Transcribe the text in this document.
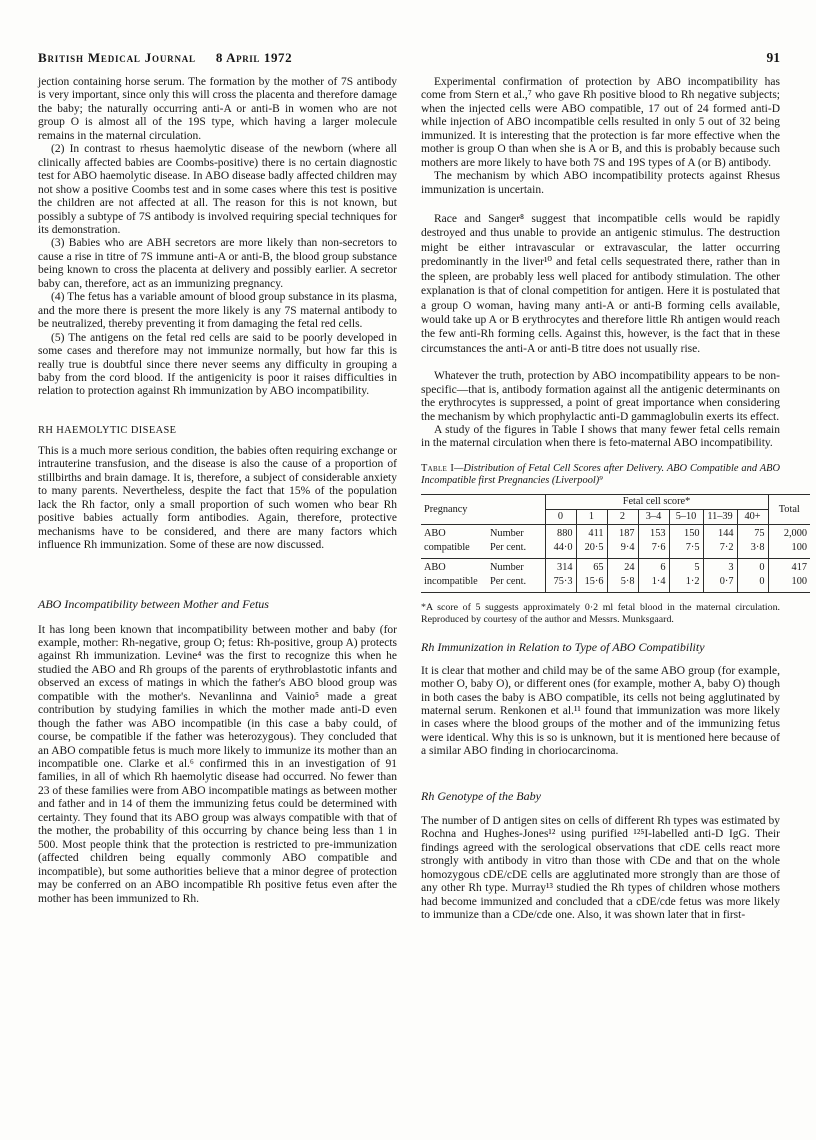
British Medical Journal 8 April 1972	91

jection containing horse serum. The formation by the mother of 7S antibody is very important, since only this will cross the placenta and therefore damage the baby; the naturally occurring anti-A or anti-B in women who are not group O is almost all of the 19S type, which having a larger molecule remains in the maternal circulation.

(2) In contrast to rhesus haemolytic disease of the newborn (where all clinically affected babies are Coombs-positive) there is no certain diagnostic test for ABO haemolytic disease. In ABO disease badly affected children may not show a positive Coombs test and in some cases where this test is positive the children are not affected at all. The reason for this is not known, but possibly a subtype of 7S antibody is involved requiring special techniques for its demonstration.

(3) Babies who are ABH secretors are more likely than non-secretors to cause a rise in titre of 7S immune anti-A or anti-B, the blood group substance being known to cross the placenta at delivery and possibly earlier. A secretor baby can, therefore, act as an immunizing pregnancy.

(4) The fetus has a variable amount of blood group substance in its plasma, and the more there is present the more likely is any 7S maternal antibody to be neutralized, thereby preventing it from damaging the fetal red cells.

(5) The antigens on the fetal red cells are said to be poorly developed in some cases and therefore may not immunize normally, but how far this is really true is doubtful since there never seems any difficulty in grouping a baby from the cord blood. If the antigenicity is poor it raises difficulties in relation to protection against Rh immunization by ABO incompatibility.

RH HAEMOLYTIC DISEASE

This is a much more serious condition, the babies often requiring exchange or intrauterine transfusion, and the disease is also the cause of a proportion of stillbirths and brain damage. It is, therefore, a subject of considerable anxiety to many parents. Nevertheless, despite the fact that 15% of the population lack the Rh factor, only a small proportion of such women who bear Rh positive babies actually form antibodies. Again, therefore, protective mechanisms have to be considered, and there are many factors which influence Rh immunization. Some of these are now discussed.

ABO Incompatibility between Mother and Fetus

It has long been known that incompatibility between mother and baby (for example, mother: Rh-negative, group O; fetus: Rh-positive, group A) protects against Rh immunization. Levine⁴ was the first to recognize this when he studied the ABO and Rh groups of the parents of erythroblastotic infants and observed an excess of matings in which the father's ABO blood group was compatible with the mother's. Nevanlinna and Vainio⁵ made a great contribution by studying families in which the mother made anti-D even though the father was ABO incompatible (in this case a baby could, of course, be compatible if the father was heterozygous). They concluded that an ABO compatible fetus is much more likely to immunize its mother than an incompatible one. Clarke et al.⁶ confirmed this in an investigation of 91 families, in all of which Rh haemolytic disease had occurred. No fewer than 23 of these families were from ABO incompatible matings as between mother and father and in 14 of them the immunizing fetus could be determined with certainty. They found that its ABO group was always compatible with that of the mother, the probability of this occurring by chance being less than 1 in 500. Most people think that the protection is restricted to pre-immunization (affected children being equally commonly ABO compatible and incompatible), but some authorities believe that a minor degree of protection may be conferred on an ABO incompatible Rh positive fetus even after the mother has been immunized to Rh.

Experimental confirmation of protection by ABO incompatibility has come from Stern et al.,⁷ who gave Rh positive blood to Rh negative subjects; when the injected cells were ABO compatible, 17 out of 24 formed anti-D while injection of ABO incompatible cells resulted in only 5 out of 32 being immunized. It is interesting that the protection is far more effective when the mother is group O than when she is A or B, and this is probably because such mothers are more likely to have both 7S and 19S types of A (or B) antibody.

The mechanism by which ABO incompatibility protects against Rhesus immunization is uncertain.

Race and Sanger⁸ suggest that incompatible cells would be rapidly destroyed and thus unable to provide an antigenic stimulus. The destruction might be either intravascular or extravascular, the latter occurring predominantly in the liver¹⁰ and fetal cells sequestrated there, rather than in the spleen, are probably less well placed for antibody stimulation. The other explanation is that of clonal competition for antigen. Here it is postulated that a group O woman, having many anti-A or anti-B forming cells available, would take up A or B erythrocytes and therefore little Rh antigen would reach the few anti-Rh forming cells. Against this, however, is the fact that in these circumstances the anti-A or anti-B titre does not usually rise.

Whatever the truth, protection by ABO incompatibility appears to be non-specific—that is, antibody formation against all the antigenic determinants on the erythrocytes is suppressed, a point of great importance when considering the mechanism by which prophylactic anti-D gammaglobulin exerts its effect.

A study of the figures in Table I shows that many fewer fetal cells remain in the maternal circulation when there is feto-maternal ABO incompatibility.

Table I—Distribution of Fetal Cell Scores after Delivery. ABO Compatible and ABO Incompatible first Pregnancies (Liverpool)⁹

Pregnancy		Fetal cell score*							Total
		0	1	2	3–4	5–10	11–39	40+	
ABO	Number	880	411	187	153	150	144	75	2,000
compatible	Per cent.	44·0	20·5	9·4	7·6	7·5	7·2	3·8	100
ABO	Number	314	65	24	6	5	3	0	417
incompatible	Per cent.	75·3	15·6	5·8	1·4	1·2	0·7	0	100

*A score of 5 suggests approximately 0·2 ml fetal blood in the maternal circulation. Reproduced by courtesy of the author and Messrs. Munksgaard.

Rh Immunization in Relation to Type of ABO Compatibility

It is clear that mother and child may be of the same ABO group (for example, mother O, baby O), or different ones (for example, mother A, baby O) though in both cases the baby is ABO compatible, its cells not being agglutinated by maternal serum. Renkonen et al.¹¹ found that immunization was more likely in cases where the blood groups of the mother and of the immunizing fetus were identical. Why this is so is unknown, but it is mentioned here because of a similar ABO finding in choriocarcinoma.

Rh Genotype of the Baby

The number of D antigen sites on cells of different Rh types was estimated by Rochna and Hughes-Jones¹² using purified ¹²⁵I-labelled anti-D IgG. Their findings agreed with the serological observations that cDE cells react more strongly with antibody in vitro than those with CDe and that on the whole homozygous cDE/cDE cells are agglutinated more strongly than are those of any other Rh type. Murray¹³ studied the Rh types of children whose mothers had become immunized and concluded that a cDE/cde fetus was more likely to immunize than a CDe/cde one. Also, it was shown later that in first-
